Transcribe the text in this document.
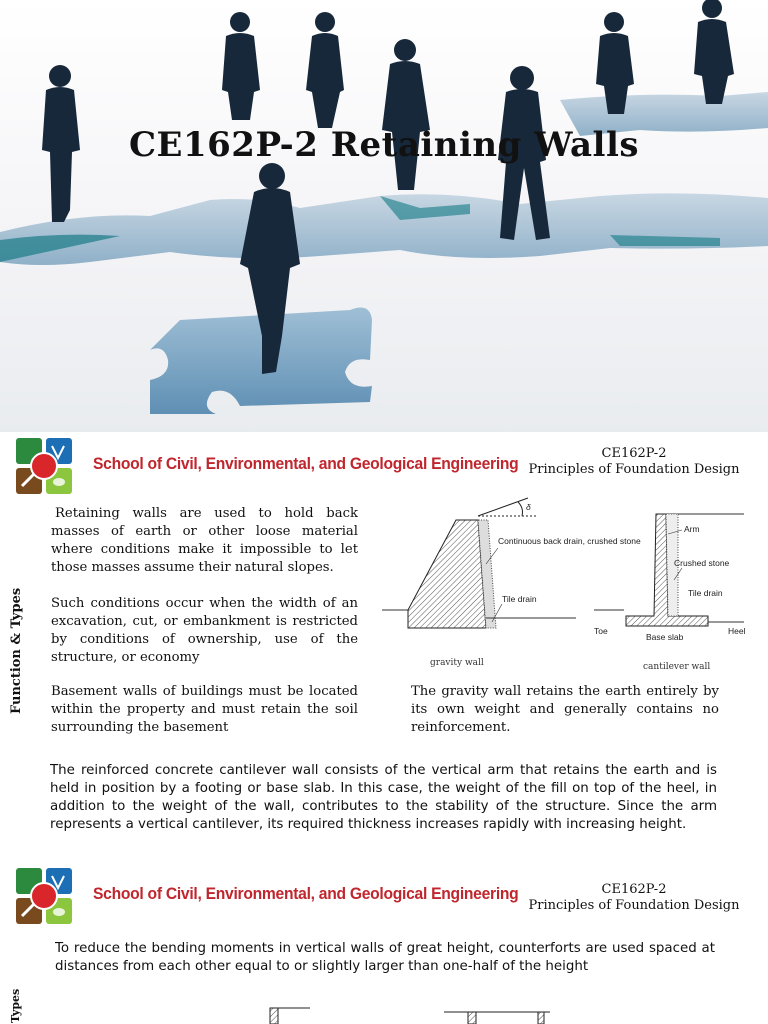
CE162P-2 Retaining Walls
School of Civil, Environmental, and Geological Engineering
CE162P-2
Principles of Foundation Design
Function & Types
Retaining walls are used to hold back masses of earth or other loose material where conditions make it impossible to let those masses assume their natural slopes.
Such conditions occur when the width of an excavation, cut, or embankment is restricted by conditions of ownership, use of the structure, or economy
Basement walls of buildings must be located within the property and must retain the soil surrounding the basement
The gravity wall retains the earth entirely by its own weight and generally contains no reinforcement.
The reinforced concrete cantilever wall consists of the vertical arm that retains the earth and is held in position by a footing or base slab. In this case, the weight of the fill on top of the heel, in addition to the weight of the wall, contributes to the stability of the structure. Since the arm represents a vertical cantilever, its required thickness increases rapidly with increasing height.
δ
Continuous back drain, crushed stone
Tile drain
Arm
Crushed stone
Tile drain
Toe	Heel
Base slab
gravity wall	cantilever wall
School of Civil, Environmental, and Geological Engineering	CE162P-2
Principles of Foundation Design
To reduce the bending moments in vertical walls of great height, counterforts are used spaced at distances from each other equal to or slightly larger than one-half of the height
Types
